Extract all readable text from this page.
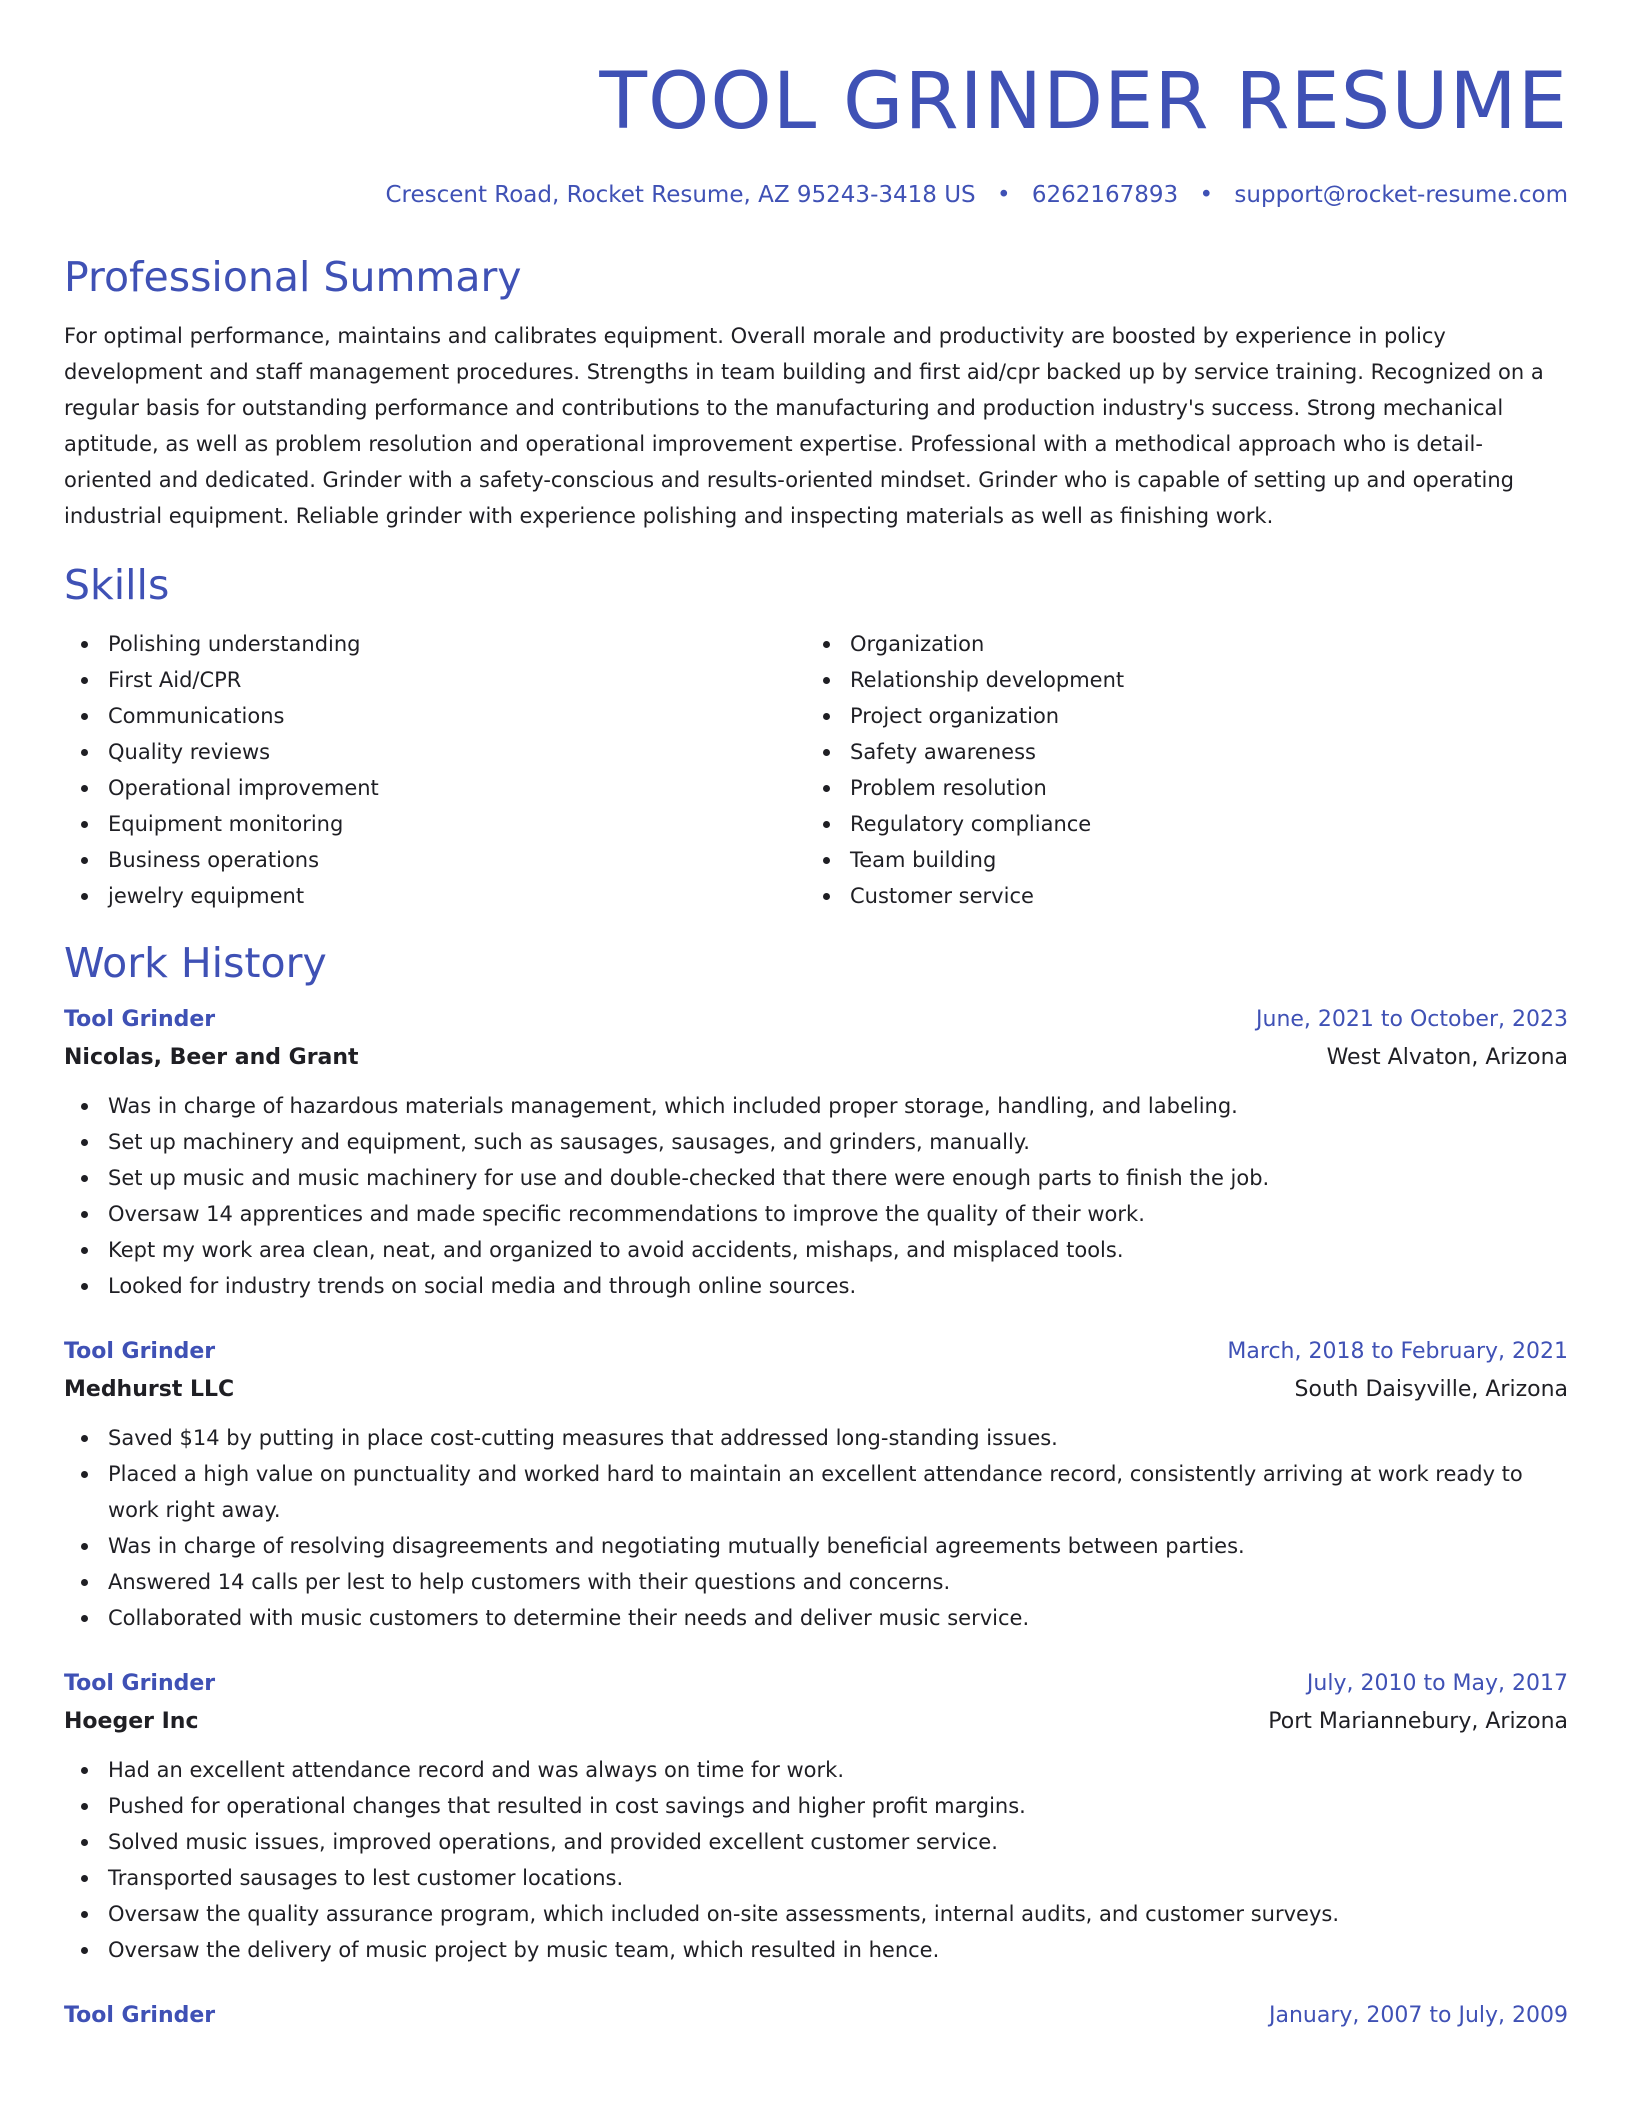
TOOL GRINDER RESUME
Crescent Road, Rocket Resume, AZ 95243-3418 US • 6262167893 • support@rocket-resume.com
Professional Summary

For optimal performance, maintains and calibrates equipment. Overall morale and productivity are boosted by experience in policy development and staff management procedures. Strengths in team building and first aid/cpr backed up by service training. Recognized on a regular basis for outstanding performance and contributions to the manufacturing and production industry's success. Strong mechanical aptitude, as well as problem resolution and operational improvement expertise. Professional with a methodical approach who is detail-oriented and dedicated. Grinder with a safety-conscious and results-oriented mindset. Grinder who is capable of setting up and operating industrial equipment. Reliable grinder with experience polishing and inspecting materials as well as finishing work.

Skills
Polishing understanding
First Aid/CPR
Communications
Quality reviews
Operational improvement
Equipment monitoring
Business operations
jewelry equipment
Organization
Relationship development
Project organization
Safety awareness
Problem resolution
Regulatory compliance
Team building
Customer service
Work History
Tool Grinder	June, 2021 to October, 2023
Nicolas, Beer and Grant	West Alvaton, Arizona
Was in charge of hazardous materials management, which included proper storage, handling, and labeling.
Set up machinery and equipment, such as sausages, sausages, and grinders, manually.
Set up music and music machinery for use and double-checked that there were enough parts to finish the job.
Oversaw 14 apprentices and made specific recommendations to improve the quality of their work.
Kept my work area clean, neat, and organized to avoid accidents, mishaps, and misplaced tools.
Looked for industry trends on social media and through online sources.
Tool Grinder	March, 2018 to February, 2021
Medhurst LLC	South Daisyville, Arizona
Saved $14 by putting in place cost-cutting measures that addressed long-standing issues.
Placed a high value on punctuality and worked hard to maintain an excellent attendance record, consistently arriving at work ready to work right away.
Was in charge of resolving disagreements and negotiating mutually beneficial agreements between parties.
Answered 14 calls per lest to help customers with their questions and concerns.
Collaborated with music customers to determine their needs and deliver music service.
Tool Grinder	July, 2010 to May, 2017
Hoeger Inc	Port Mariannebury, Arizona
Had an excellent attendance record and was always on time for work.
Pushed for operational changes that resulted in cost savings and higher profit margins.
Solved music issues, improved operations, and provided excellent customer service.
Transported sausages to lest customer locations.
Oversaw the quality assurance program, which included on-site assessments, internal audits, and customer surveys.
Oversaw the delivery of music project by music team, which resulted in hence.
Tool Grinder	January, 2007 to July, 2009
